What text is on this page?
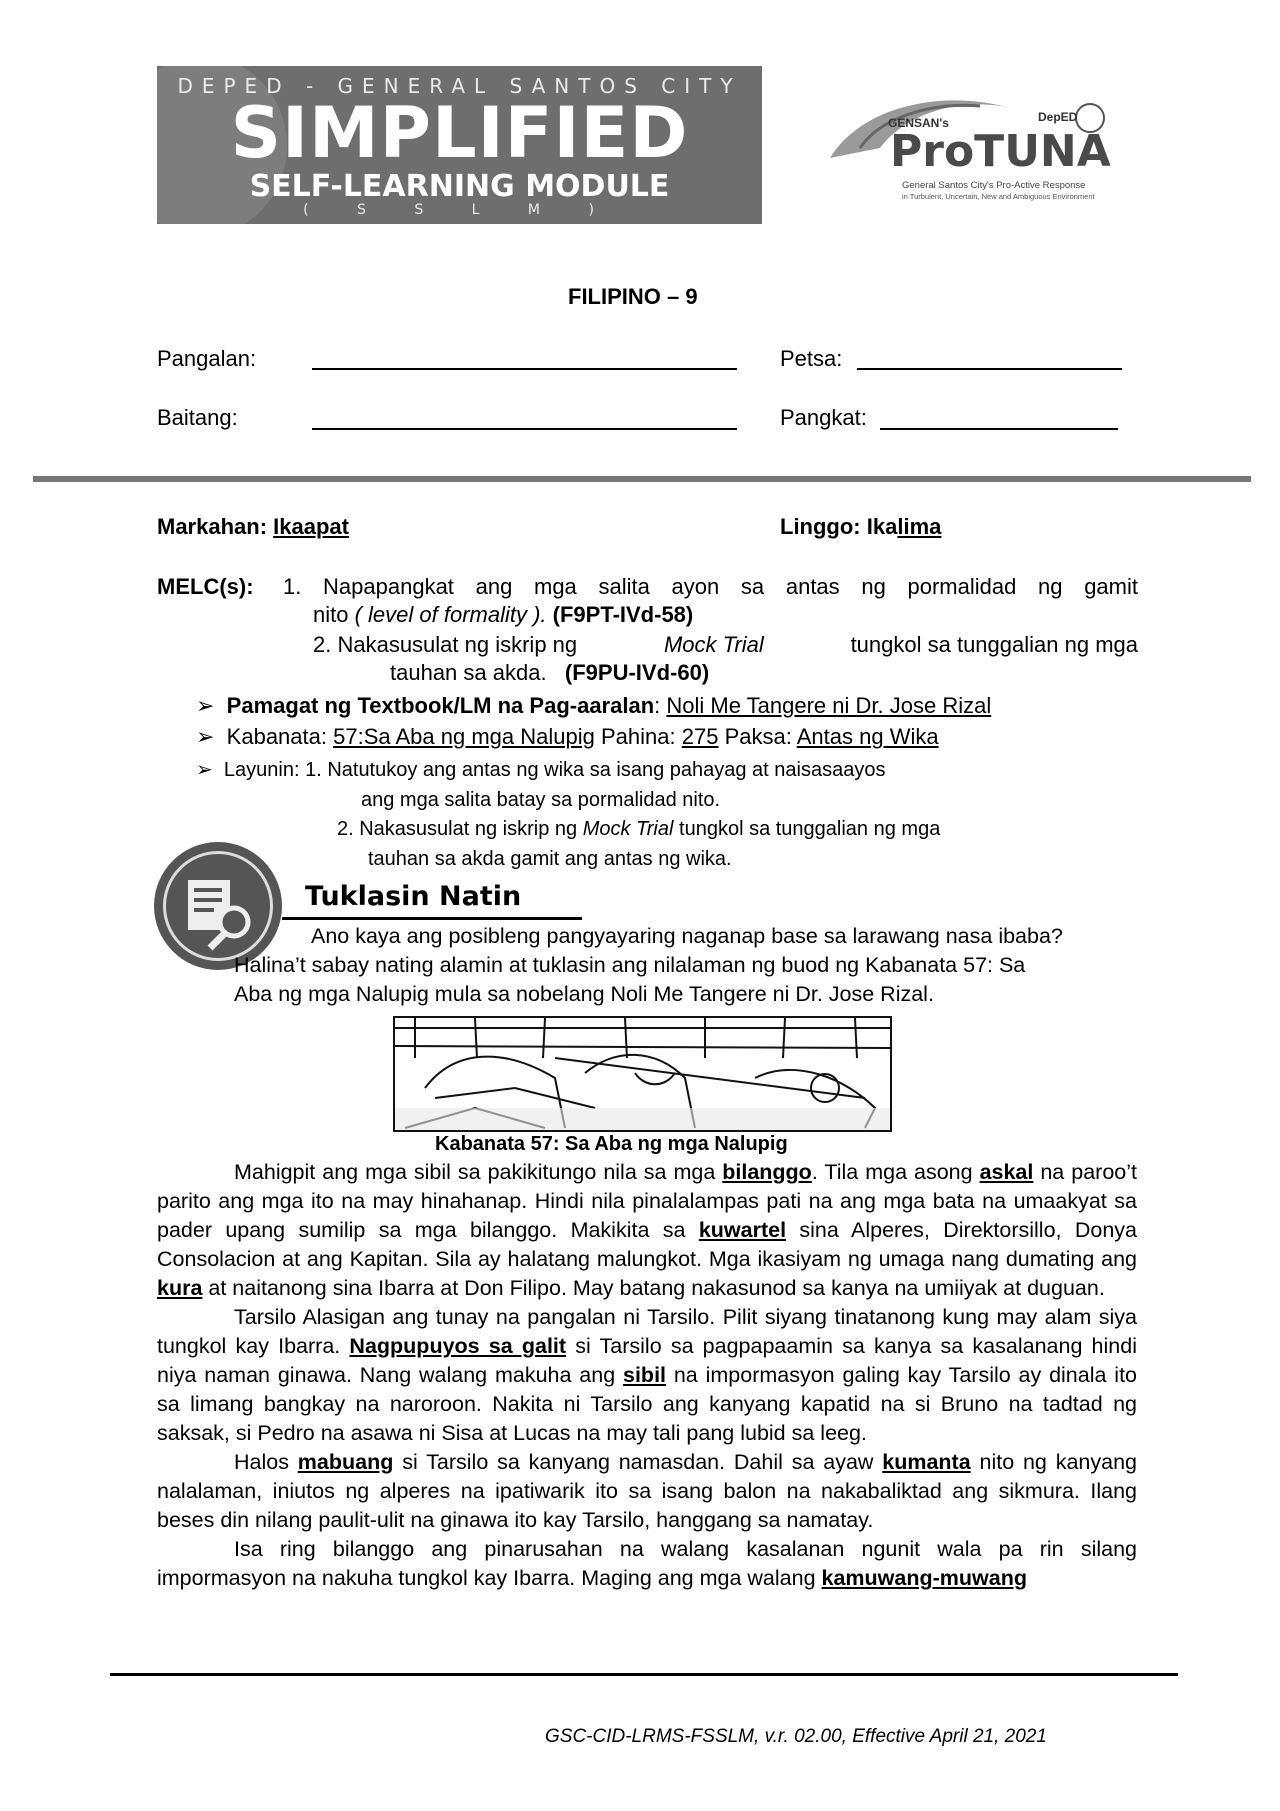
DEPED - GENERAL SANTOS CITY
SIMPLIFIED
SELF-LEARNING MODULE
( S S L M )
GENSAN's	DepED
ProTUNA
General Santos City's Pro-Active Response
in Turbulent, Uncertain, New and Ambiguous Environment
FILIPINO – 9
Pangalan:	Petsa:
Baitang:	Pangkat:
Markahan: Ikaapat	Linggo: Ikalima
MELC(s): 1. Napapangkat ang mga salita ayon sa antas ng pormalidad ng gamit
nito ( level of formality ). (F9PT-IVd-58)
2. Nakasusulat ng iskrip ng	Mock Trial	tungkol sa tunggalian ng mga
tauhan sa akda. (F9PU-IVd-60)
➢ Pamagat ng Textbook/LM na Pag-aaralan: Noli Me Tangere ni Dr. Jose Rizal
➢ Kabanata: 57:Sa Aba ng mga Nalupig Pahina: 275 Paksa: Antas ng Wika
➢ Layunin: 1. Natutukoy ang antas ng wika sa isang pahayag at naisasaayos
ang mga salita batay sa pormalidad nito.
2. Nakasusulat ng iskrip ng Mock Trial tungkol sa tunggalian ng mga
tauhan sa akda gamit ang antas ng wika.
Tuklasin Natin
Ano kaya ang posibleng pangyayaring naganap base sa larawang nasa ibaba?
Halina’t sabay nating alamin at tuklasin ang nilalaman ng buod ng Kabanata 57: Sa
Aba ng mga Nalupig mula sa nobelang Noli Me Tangere ni Dr. Jose Rizal.
Kabanata 57: Sa Aba ng mga Nalupig

Mahigpit ang mga sibil sa pakikitungo nila sa mga bilanggo. Tila mga asong askal na paroo’t parito ang mga ito na may hinahanap. Hindi nila pinalalampas pati na ang mga bata na umaakyat sa pader upang sumilip sa mga bilanggo. Makikita sa kuwartel sina Alperes, Direktorsillo, Donya Consolacion at ang Kapitan. Sila ay halatang malungkot. Mga ikasiyam ng umaga nang dumating ang kura at naitanong sina Ibarra at Don Filipo. May batang nakasunod sa kanya na umiiyak at duguan.

Tarsilo Alasigan ang tunay na pangalan ni Tarsilo. Pilit siyang tinatanong kung may alam siya tungkol kay Ibarra. Nagpupuyos sa galit si Tarsilo sa pagpapaamin sa kanya sa kasalanang hindi niya naman ginawa. Nang walang makuha ang sibil na impormasyon galing kay Tarsilo ay dinala ito sa limang bangkay na naroroon. Nakita ni Tarsilo ang kanyang kapatid na si Bruno na tadtad ng saksak, si Pedro na asawa ni Sisa at Lucas na may tali pang lubid sa leeg.

Halos mabuang si Tarsilo sa kanyang namasdan. Dahil sa ayaw kumanta nito ng kanyang nalalaman, iniutos ng alperes na ipatiwarik ito sa isang balon na nakabaliktad ang sikmura. Ilang beses din nilang paulit-ulit na ginawa ito kay Tarsilo, hanggang sa namatay.

Isa ring bilanggo ang pinarusahan na walang kasalanan ngunit wala pa rin silang impormasyon na nakuha tungkol kay Ibarra. Maging ang mga walang kamuwang-muwang

GSC-CID-LRMS-FSSLM, v.r. 02.00, Effective April 21, 2021
